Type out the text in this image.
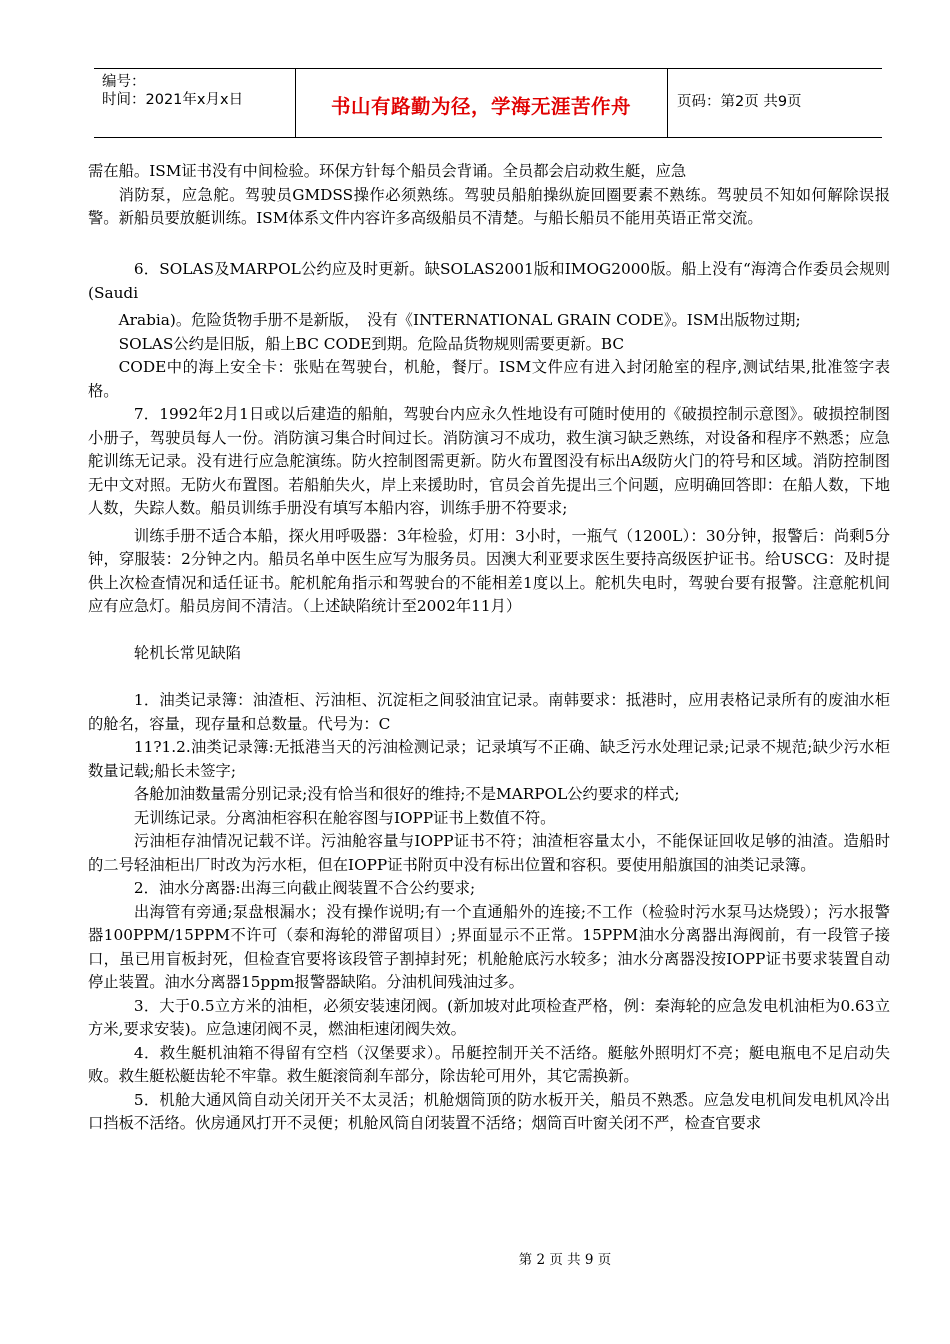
编号：
时间：2021年x月x日	书山有路勤为径，学海无涯苦作舟	页码：第2页 共9页

需在船。ISM证书没有中间检验。环保方针每个船员会背诵。全员都会启动救生艇，应急

消防泵，应急舵。驾驶员GMDSS操作必须熟练。驾驶员船舶操纵旋回圈要素不熟练。驾驶员不知如何解除误报警。新船员要放艇训练。ISM体系文件内容许多高级船员不清楚。与船长船员不能用英语正常交流。

6．SOLAS及MARPOL公约应及时更新。缺SOLAS2001版和IMOG2000版。船上没有“海湾合作委员会规则(Saudi

Arabia)。危险货物手册不是新版，　没有《INTERNATIONAL GRAIN CODE》。ISM出版物过期;

SOLAS公约是旧版，船上BC CODE到期。危险品货物规则需要更新。BC

CODE中的海上安全卡：张贴在驾驶台，机舱，餐厅。ISM文件应有进入封闭舱室的程序,测试结果,批准签字表格。

7．1992年2月1日或以后建造的船舶，驾驶台内应永久性地设有可随时使用的《破损控制示意图》。破损控制图小册子，驾驶员每人一份。消防演习集合时间过长。消防演习不成功，救生演习缺乏熟练，对设备和程序不熟悉；应急舵训练无记录。没有进行应急舵演练。防火控制图需更新。防火布置图没有标出A级防火门的符号和区域。消防控制图无中文对照。无防火布置图。若船舶失火，岸上来援助时，官员会首先提出三个问题，应明确回答即：在船人数，下地人数，失踪人数。船员训练手册没有填写本船内容，训练手册不符要求;

训练手册不适合本船，探火用呼吸器：3年检验，灯用：3小时，一瓶气（1200L）：30分钟，报警后：尚剩5分钟，穿服装：2分钟之内。船员名单中医生应写为服务员。因澳大利亚要求医生要持高级医护证书。给USCG：及时提供上次检查情况和适任证书。舵机舵角指示和驾驶台的不能相差1度以上。舵机失电时，驾驶台要有报警。注意舵机间应有应急灯。船员房间不清洁。（上述缺陷统计至2002年11月）

轮机长常见缺陷

1．油类记录簿：油渣柜、污油柜、沉淀柜之间驳油宜记录。南韩要求：抵港时，应用表格记录所有的废油水柜的舱名，容量，现存量和总数量。代号为：C

11?1.2.油类记录簿:无抵港当天的污油检测记录；记录填写不正确、缺乏污水处理记录;记录不规范;缺少污水柜数量记载;船长未签字;

各舱加油数量需分别记录;没有恰当和很好的维持;不是MARPOL公约要求的样式;

无训练记录。分离油柜容积在舱容图与IOPP证书上数值不符。

污油柜存油情况记载不详。污油舱容量与IOPP证书不符；油渣柜容量太小，不能保证回收足够的油渣。造船时的二号轻油柜出厂时改为污水柜，但在IOPP证书附页中没有标出位置和容积。要使用船旗国的油类记录簿。

2．油水分离器:出海三向截止阀装置不合公约要求;

出海管有旁通;泵盘根漏水；没有操作说明;有一个直通船外的连接;不工作（检验时污水泵马达烧毁）；污水报警器100PPM/15PPM不许可（泰和海轮的滞留项目）;界面显示不正常。15PPM油水分离器出海阀前，有一段管子接口，虽已用盲板封死，但检查官要将该段管子割掉封死；机舱舱底污水较多；油水分离器没按IOPP证书要求装置自动停止装置。油水分离器15ppm报警器缺陷。分油机间残油过多。

3．大于0.5立方米的油柜，必须安装速闭阀。(新加坡对此项检查严格，例：秦海轮的应急发电机油柜为0.63立方米,要求安装)。应急速闭阀不灵，燃油柜速闭阀失效。

4．救生艇机油箱不得留有空档（汉堡要求）。吊艇控制开关不活络。艇舷外照明灯不亮；艇电瓶电不足启动失败。救生艇松艇齿轮不牢靠。救生艇滚筒刹车部分，除齿轮可用外，其它需换新。

5．机舱大通风筒自动关闭开关不太灵活；机舱烟筒顶的防水板开关，船员不熟悉。应急发电机间发电机风冷出口挡板不活络。伙房通风打开不灵便；机舱风筒自闭装置不活络；烟筒百叶窗关闭不严，检查官要求

第 2 页 共 9 页
